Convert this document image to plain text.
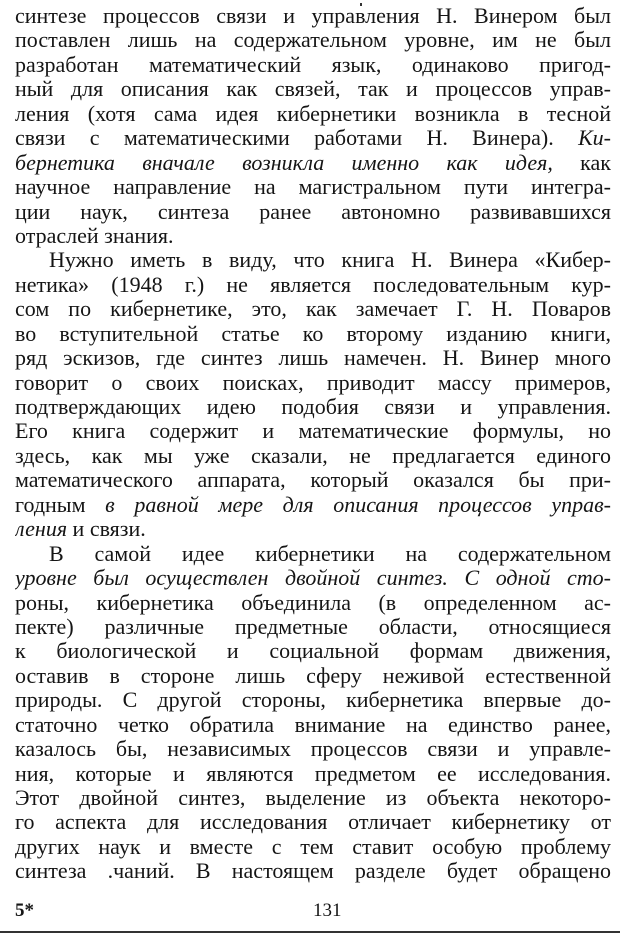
синтезе процессов связи и управления Н. Винером был
поставлен лишь на содержательном уровне, им не был
разработан математический язык, одинаково пригод-
ный для описания как связей, так и процессов управ-
ления (хотя сама идея кибернетики возникла в тесной
связи с математическими работами Н. Винера). Ки-
бернетика вначале возникла именно как идея, как
научное направление на магистральном пути интегра-
ции наук, синтеза ранее автономно развивавшихся
отраслей знания.
Нужно иметь в виду, что книга Н. Винера «Кибер-
нетика» (1948 г.) не является последовательным кур-
сом по кибернетике, это, как замечает Г. Н. Поваров
во вступительной статье ко второму изданию книги,
ряд эскизов, где синтез лишь намечен. Н. Винер много
говорит о своих поисках, приводит массу примеров,
подтверждающих идею подобия связи и управления.
Его книга содержит и математические формулы, но
здесь, как мы уже сказали, не предлагается единого
математического аппарата, который оказался бы при-
годным в равной мере для описания процессов управ-
ления и связи.
В самой идее кибернетики на содержательном
уровне был осуществлен двойной синтез. С одной сто-
роны, кибернетика объединила (в определенном ас-
пекте) различные предметные области, относящиеся
к биологической и социальной формам движения,
оставив в стороне лишь сферу неживой естественной
природы. С другой стороны, кибернетика впервые до-
статочно четко обратила внимание на единство ранее,
казалось бы, независимых процессов связи и управле-
ния, которые и являются предметом ее исследования.
Этот двойной синтез, выделение из объекта некоторо-
го аспекта для исследования отличает кибернетику от
других наук и вместе с тем ставит особую проблему
синтеза .чаний. В настоящем разделе будет обращено
5*	131
